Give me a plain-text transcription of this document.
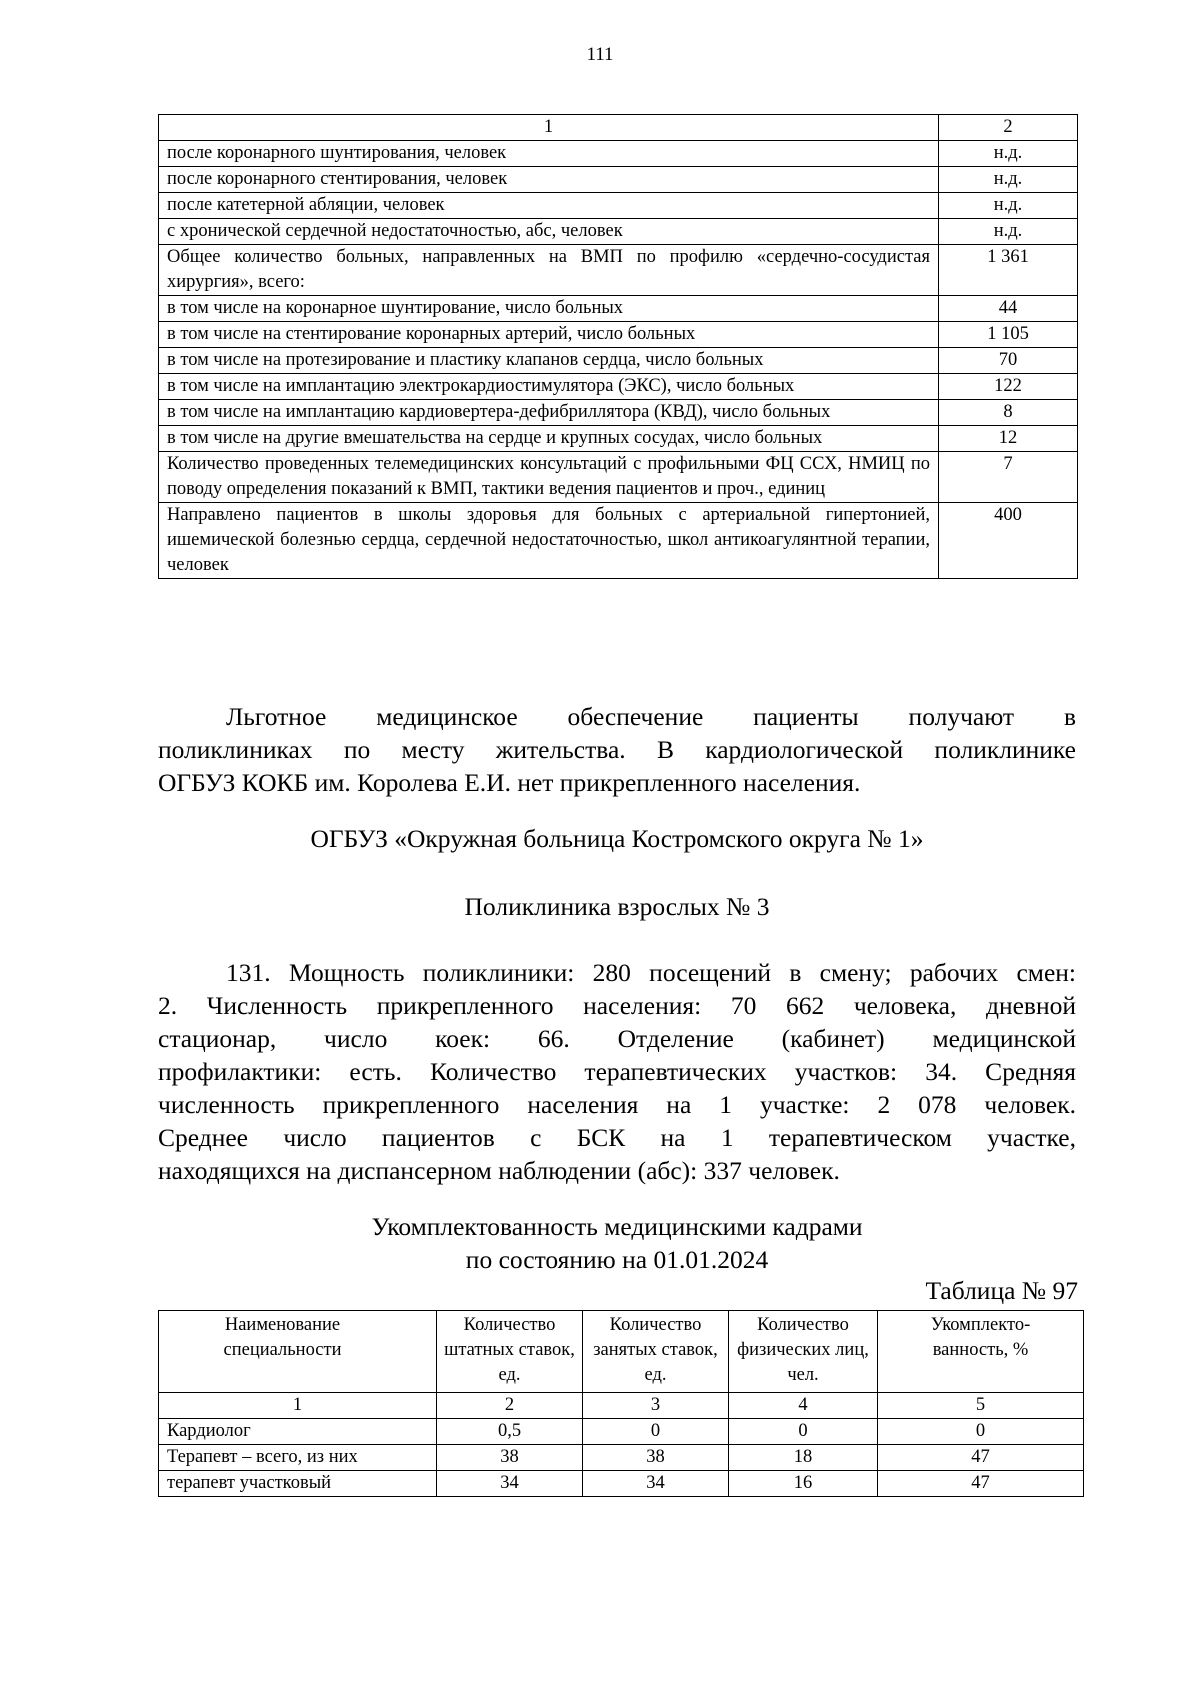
111
1	2
после коронарного шунтирования, человек	н.д.
после коронарного стентирования, человек	н.д.
после катетерной абляции, человек	н.д.
с хронической сердечной недостаточностью, абс, человек	н.д.
Общее количество больных, направленных на ВМП по профилю «сердечно-сосудистая хирургия», всего:	1 361
в том числе на коронарное шунтирование, число больных	44
в том числе на стентирование коронарных артерий, число больных	1 105
в том числе на протезирование и пластику клапанов сердца, число больных	70
в том числе на имплантацию электрокардиостимулятора (ЭКС), число больных	122
в том числе на имплантацию кардиовертера-дефибриллятора (КВД), число больных	8
в том числе на другие вмешательства на сердце и крупных сосудах, число больных	12
Количество проведенных телемедицинских консультаций с профильными ФЦ ССХ, НМИЦ по поводу определения показаний к ВМП, тактики ведения пациентов и проч., единиц	7
Направлено пациентов в школы здоровья для больных с артериальной гипертонией, ишемической болезнью сердца, сердечной недостаточностью, школ антикоагулянтной терапии, человек	400
Льготное медицинское обеспечение пациенты получают в
поликлиниках по месту жительства. В кардиологической поликлинике
ОГБУЗ КОКБ им. Королева Е.И. нет прикрепленного населения.
ОГБУЗ «Окружная больница Костромского округа № 1»
Поликлиника взрослых № 3
131. Мощность поликлиники: 280 посещений в смену; рабочих смен:
2. Численность прикрепленного населения: 70 662 человека, дневной
стационар, число коек: 66. Отделение (кабинет) медицинской
профилактики: есть. Количество терапевтических участков: 34. Средняя
численность прикрепленного населения на 1 участке: 2 078 человек.
Среднее число пациентов с БСК на 1 терапевтическом участке,
находящихся на диспансерном наблюдении (абс): 337 человек.
Укомплектованность медицинскими кадрами
по состоянию на 01.01.2024
Таблица № 97
Наименование специальности	Количество штатных ставок, ед.	Количество занятых ставок, ед.	Количество физических лиц, чел.	Укомплекто-ванность, %
1	2	3	4	5
Кардиолог	0,5	0	0	0
Терапевт – всего, из них	38	38	18	47
терапевт участковый	34	34	16	47
